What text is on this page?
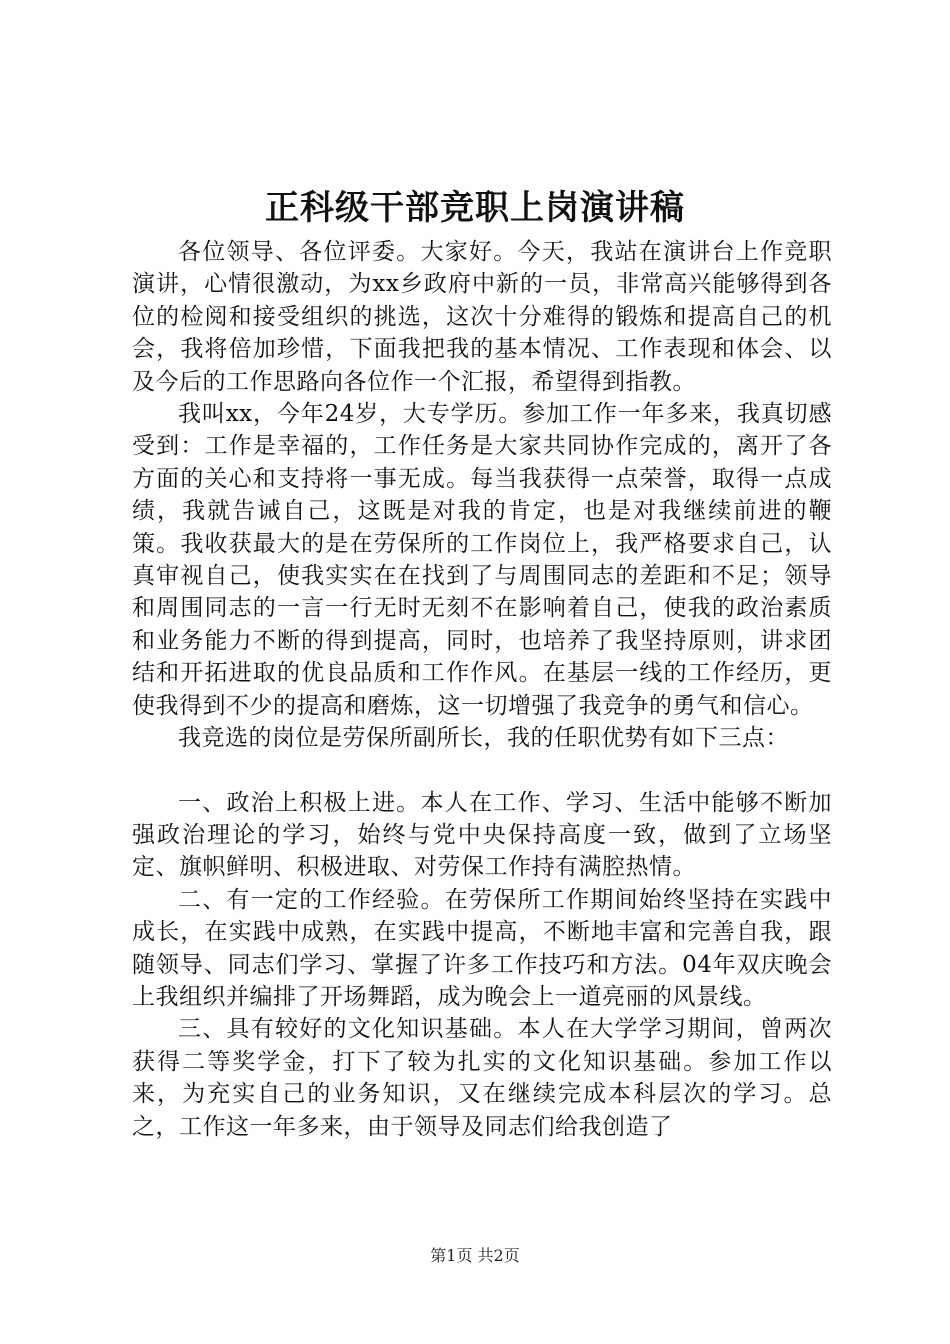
正科级干部竞职上岗演讲稿

各位领导、各位评委。大家好。今天，我站在演讲台上作竞职演讲，心情很激动，为xx乡政府中新的一员，非常高兴能够得到各位的检阅和接受组织的挑选，这次十分难得的锻炼和提高自己的机会，我将倍加珍惜，下面我把我的基本情况、工作表现和体会、以及今后的工作思路向各位作一个汇报，希望得到指教。

我叫xx，今年24岁，大专学历。参加工作一年多来，我真切感受到：工作是幸福的，工作任务是大家共同协作完成的，离开了各方面的关心和支持将一事无成。每当我获得一点荣誉，取得一点成绩，我就告诫自己，这既是对我的肯定，也是对我继续前进的鞭策。我收获最大的是在劳保所的工作岗位上，我严格要求自己，认真审视自己，使我实实在在找到了与周围同志的差距和不足；领导和周围同志的一言一行无时无刻不在影响着自己，使我的政治素质和业务能力不断的得到提高，同时，也培养了我坚持原则，讲求团结和开拓进取的优良品质和工作作风。在基层一线的工作经历，更使我得到不少的提高和磨炼，这一切增强了我竞争的勇气和信心。

我竞选的岗位是劳保所副所长，我的任职优势有如下三点：

一、政治上积极上进。本人在工作、学习、生活中能够不断加强政治理论的学习，始终与党中央保持高度一致，做到了立场坚定、旗帜鲜明、积极进取、对劳保工作持有满腔热情。

二、有一定的工作经验。在劳保所工作期间始终坚持在实践中成长，在实践中成熟，在实践中提高，不断地丰富和完善自我，跟随领导、同志们学习、掌握了许多工作技巧和方法。04年双庆晚会上我组织并编排了开场舞蹈，成为晚会上一道亮丽的风景线。

三、具有较好的文化知识基础。本人在大学学习期间，曾两次获得二等奖学金，打下了较为扎实的文化知识基础。参加工作以来，为充实自己的业务知识，又在继续完成本科层次的学习。总之，工作这一年多来，由于领导及同志们给我创造了

第1页 共2页
